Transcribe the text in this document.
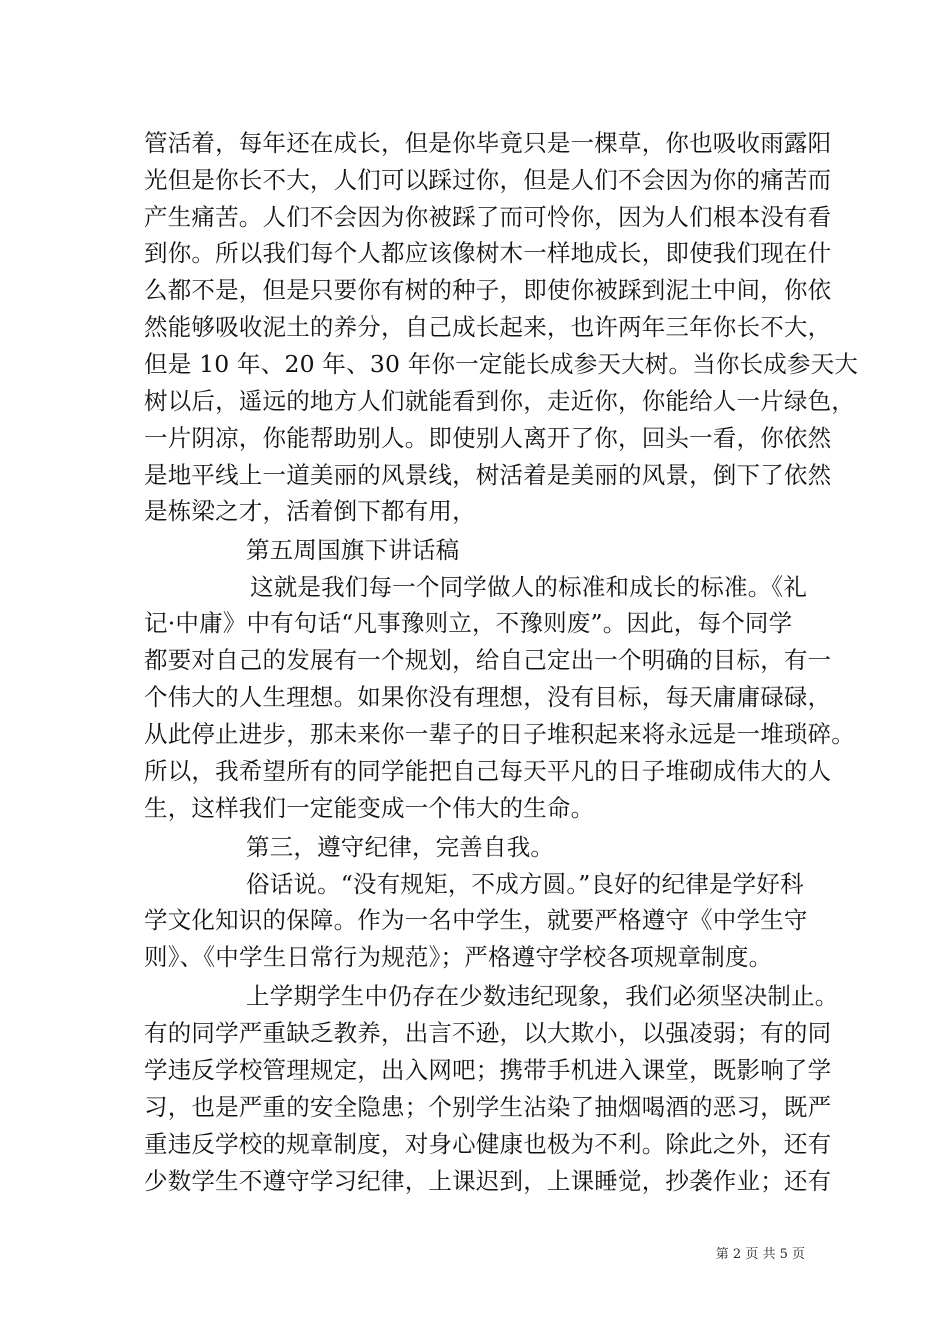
管活着，每年还在成长，但是你毕竟只是一棵草，你也吸收雨露阳
光但是你长不大，人们可以踩过你，但是人们不会因为你的痛苦而
产生痛苦。人们不会因为你被踩了而可怜你，因为人们根本没有看
到你。所以我们每个人都应该像树木一样地成长，即使我们现在什
么都不是，但是只要你有树的种子，即使你被踩到泥土中间，你依
然能够吸收泥土的养分，自己成长起来，也许两年三年你长不大，
但是 10 年、20 年、30 年你一定能长成参天大树。当你长成参天大
树以后，遥远的地方人们就能看到你，走近你，你能给人一片绿色，
一片阴凉，你能帮助别人。即使别人离开了你，回头一看，你依然
是地平线上一道美丽的风景线，树活着是美丽的风景，倒下了依然
是栋梁之才，活着倒下都有用，
第五周国旗下讲话稿
这就是我们每一个同学做人的标准和成长的标准。《礼
记·中庸》中有句话“凡事豫则立，不豫则废”。因此，每个同学
都要对自己的发展有一个规划，给自己定出一个明确的目标，有一
个伟大的人生理想。如果你没有理想，没有目标，每天庸庸碌碌，
从此停止进步，那未来你一辈子的日子堆积起来将永远是一堆琐碎。
所以，我希望所有的同学能把自己每天平凡的日子堆砌成伟大的人
生，这样我们一定能变成一个伟大的生命。
第三，遵守纪律，完善自我。
俗话说。“没有规矩，不成方圆。”良好的纪律是学好科
学文化知识的保障。作为一名中学生，就要严格遵守《中学生守
则》、《中学生日常行为规范》；严格遵守学校各项规章制度。
上学期学生中仍存在少数违纪现象，我们必须坚决制止。
有的同学严重缺乏教养，出言不逊，以大欺小，以强凌弱；有的同
学违反学校管理规定，出入网吧；携带手机进入课堂，既影响了学
习，也是严重的安全隐患；个别学生沾染了抽烟喝酒的恶习，既严
重违反学校的规章制度，对身心健康也极为不利。除此之外，还有
少数学生不遵守学习纪律，上课迟到，上课睡觉，抄袭作业；还有
第 2 页 共 5 页
